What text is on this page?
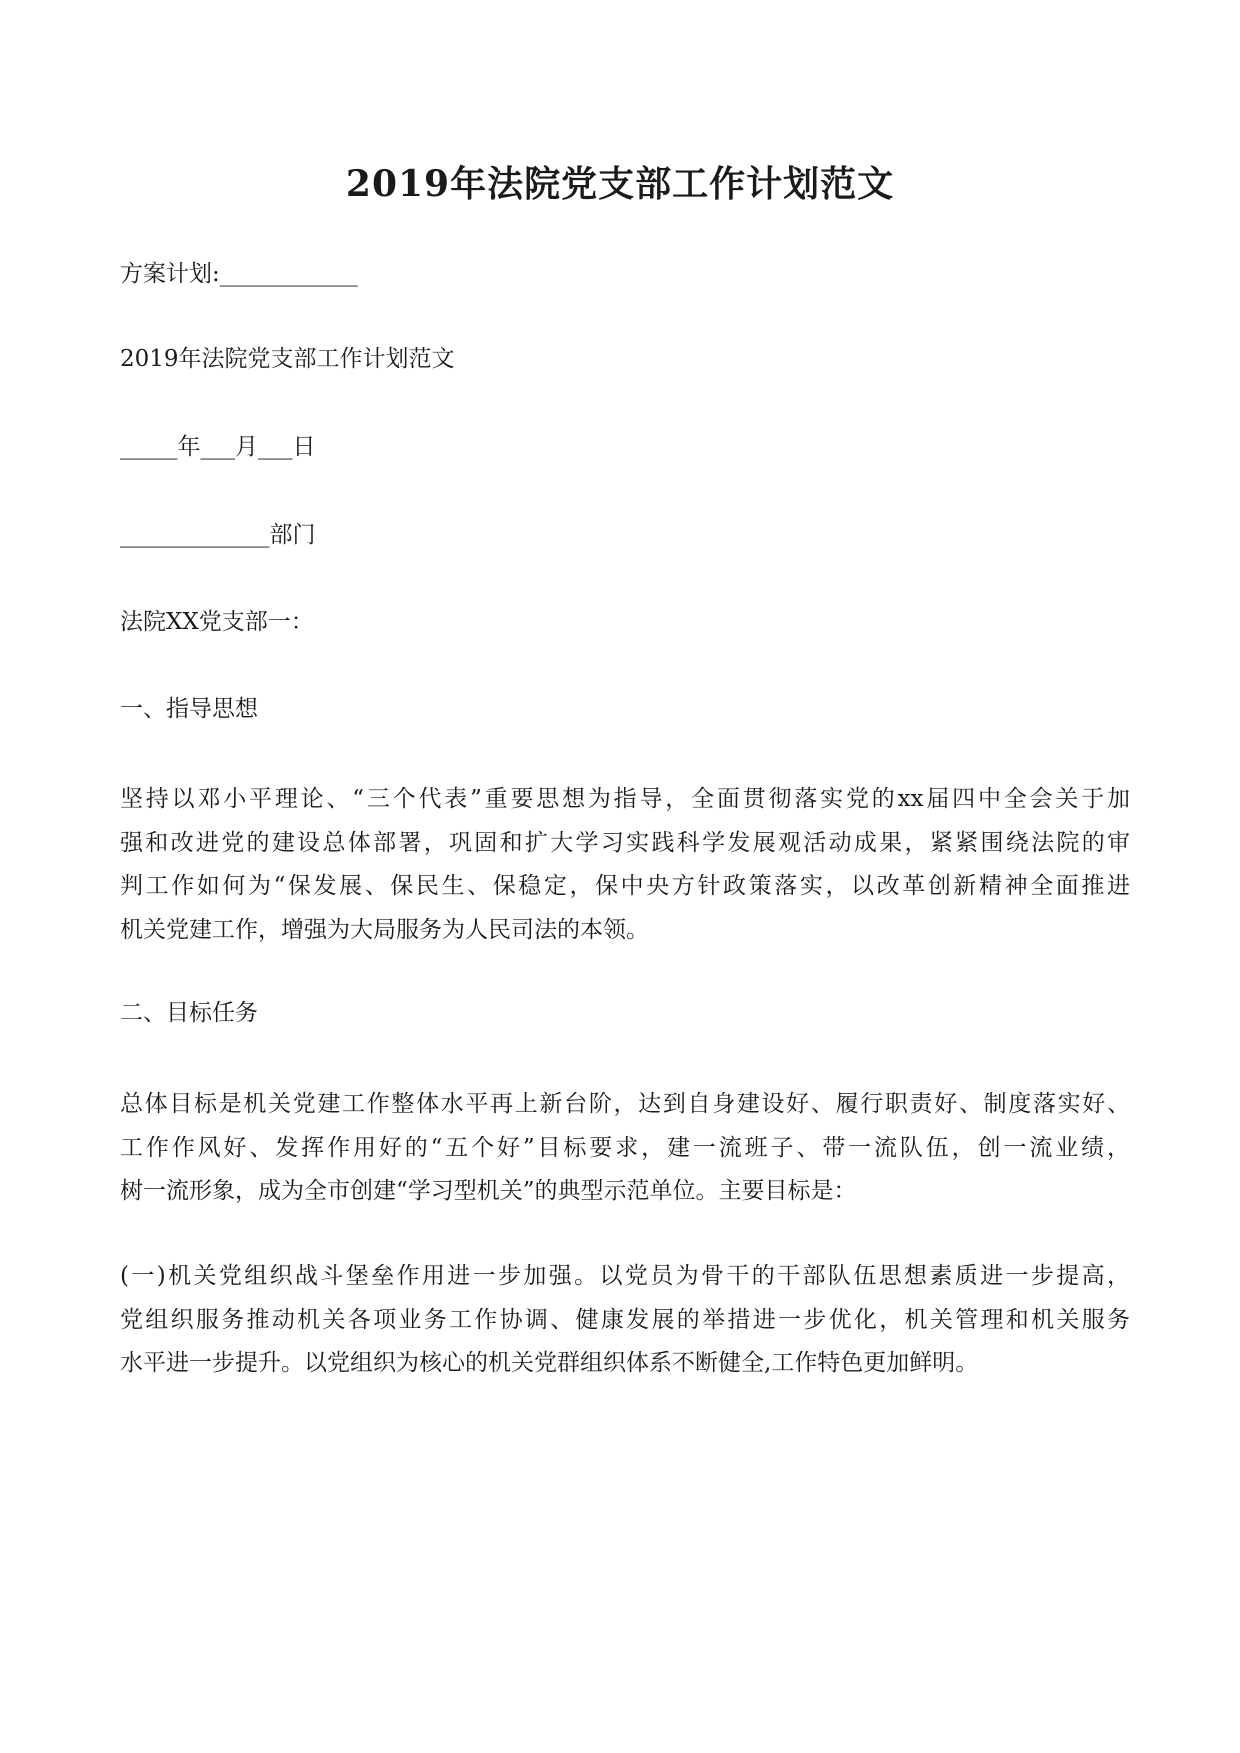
2019年法院党支部工作计划范文
方案计划:____________
2019年法院党支部工作计划范文
_____年___月___日
_____________部门
法院XX党支部一：
一、指导思想
坚持以邓小平理论、“三个代表”重要思想为指导，全面贯彻落实党的xx届四中全会关于加
强和改进党的建设总体部署，巩固和扩大学习实践科学发展观活动成果，紧紧围绕法院的审
判工作如何为“保发展、保民生、保稳定，保中央方针政策落实，以改革创新精神全面推进
机关党建工作，增强为大局服务为人民司法的本领。
二、目标任务
总体目标是机关党建工作整体水平再上新台阶，达到自身建设好、履行职责好、制度落实好、
工作作风好、发挥作用好的“五个好”目标要求，建一流班子、带一流队伍，创一流业绩，
树一流形象，成为全市创建“学习型机关”的典型示范单位。主要目标是：
(一)机关党组织战斗堡垒作用进一步加强。以党员为骨干的干部队伍思想素质进一步提高，
党组织服务推动机关各项业务工作协调、健康发展的举措进一步优化，机关管理和机关服务
水平进一步提升。以党组织为核心的机关党群组织体系不断健全,工作特色更加鲜明。
